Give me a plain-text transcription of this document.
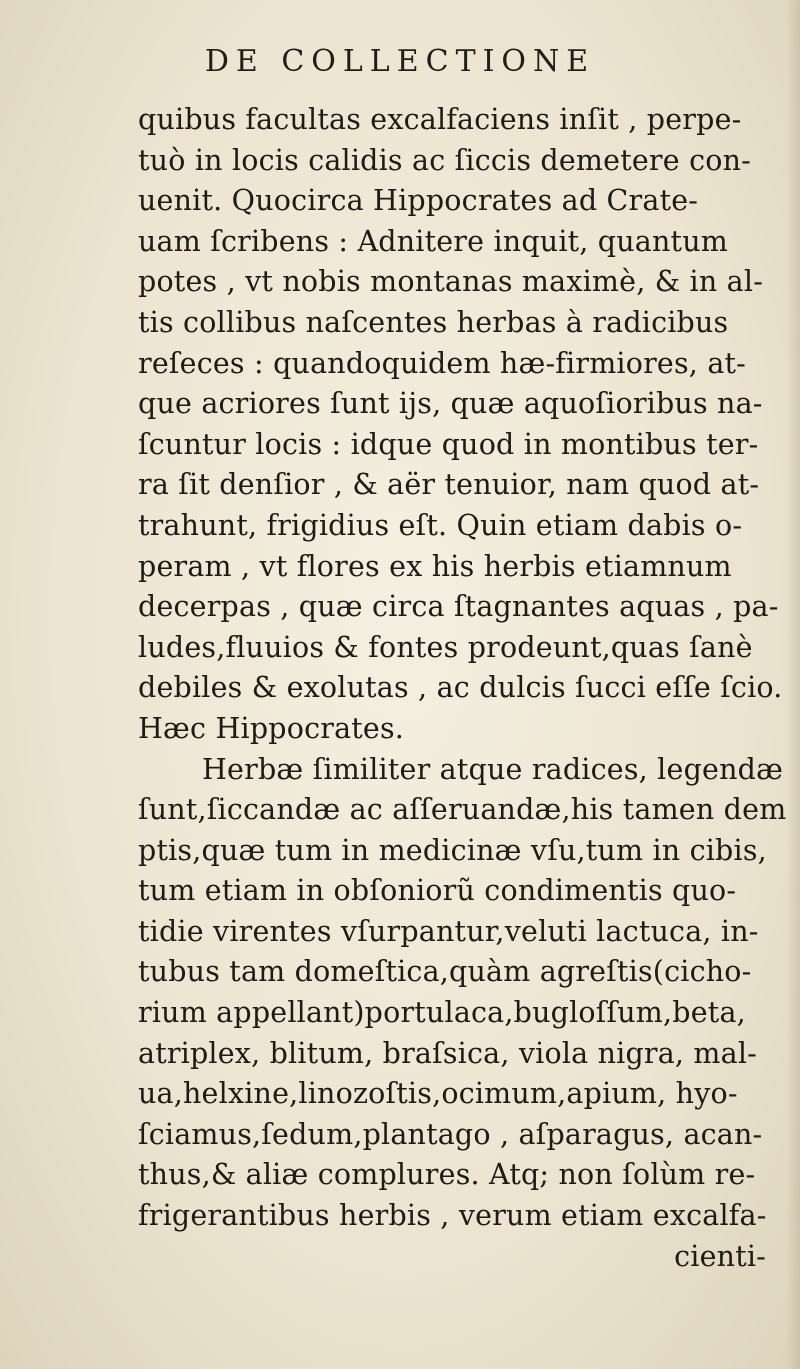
DE COLLECTIONE
quibus facultas excalfaciens inſit , perpe-
tuò in locis calidis ac ſiccis demetere con-
uenit. Quocirca Hippocrates ad Crate-
uam ſcribens : Adnitere inquit, quantum
potes , vt nobis montanas maximè, & in al-
tis collibus naſcentes herbas à radicibus
reſeces : quandoquidem hæ-firmiores, at-
que acriores ſunt ijs, quæ aquoſioribus na-
ſcuntur locis : idque quod in montibus ter-
ra ſit denſior , & aër tenuior, nam quod at-
trahunt, frigidius eſt. Quin etiam dabis o-
peram , vt flores ex his herbis etiamnum
decerpas , quæ circa ſtagnantes aquas , pa-
ludes,fluuios & fontes prodeunt,quas ſanè
debiles & exolutas , ac dulcis ſucci eſſe ſcio.
Hæc Hippocrates.
Herbæ ſimiliter atque radices, legendæ
ſunt,ſiccandæ ac aſſeruandæ,his tamen dem
ptis,quæ tum in medicinæ vſu,tum in cibis,
tum etiam in obſoniorũ condimentis quo-
tidie virentes vſurpantur,veluti lactuca, in-
tubus tam domeſtica,quàm agreſtis(cicho-
rium appellant)portulaca,bugloſſum,beta,
atriplex, blitum, braſsica, viola nigra, mal-
ua,helxine,linozoſtis,ocimum,apium, hyo-
ſciamus,ſedum,plantago , aſparagus, acan-
thus,& aliæ complures. Atq; non ſolùm re-
frigerantibus herbis , verum etiam excalfa-
cienti-
